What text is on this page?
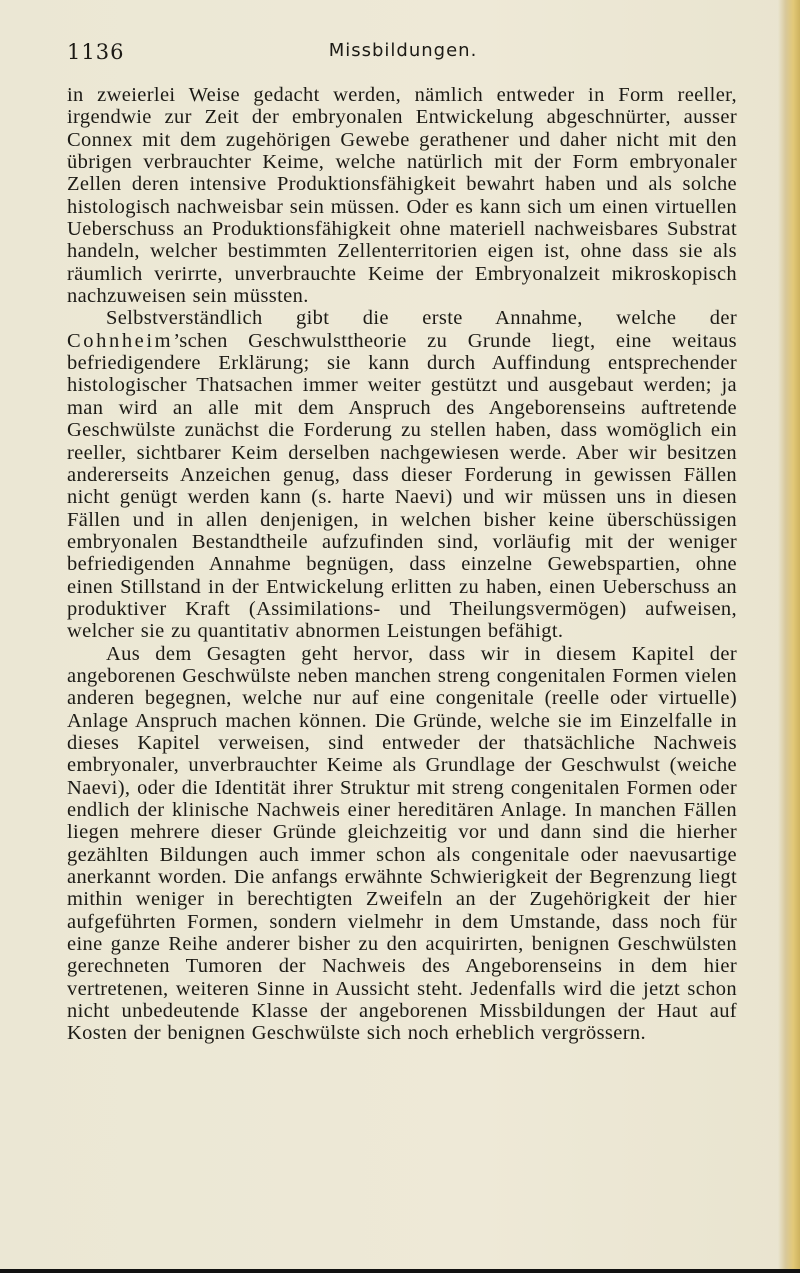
1136	Missbildungen.

in zweierlei Weise gedacht werden, nämlich entweder in Form reeller, irgendwie zur Zeit der embryonalen Entwickelung abgeschnürter, ausser Connex mit dem zugehörigen Gewebe gerathener und daher nicht mit den übrigen verbrauchter Keime, welche natürlich mit der Form embryonaler Zellen deren intensive Produktionsfähigkeit bewahrt haben und als solche histologisch nachweisbar sein müssen. Oder es kann sich um einen virtuellen Ueberschuss an Produktionsfähigkeit ohne materiell nachweisbares Substrat handeln, welcher bestimmten Zellenterritorien eigen ist, ohne dass sie als räumlich verirrte, unverbrauchte Keime der Embryonalzeit mikroskopisch nachzuweisen sein müssten.

Selbstverständlich gibt die erste Annahme, welche der Cohnheim’schen Geschwulsttheorie zu Grunde liegt, eine weitaus befriedigendere Erklärung; sie kann durch Auffindung entsprechender histologischer Thatsachen immer weiter gestützt und ausgebaut werden; ja man wird an alle mit dem Anspruch des Angeborenseins auftretende Geschwülste zunächst die Forderung zu stellen haben, dass womöglich ein reeller, sichtbarer Keim derselben nachgewiesen werde. Aber wir besitzen andererseits Anzeichen genug, dass dieser Forderung in gewissen Fällen nicht genügt werden kann (s. harte Naevi) und wir müssen uns in diesen Fällen und in allen denjenigen, in welchen bisher keine überschüssigen embryonalen Bestandtheile aufzufinden sind, vorläufig mit der weniger befriedigenden Annahme begnügen, dass einzelne Gewebspartien, ohne einen Stillstand in der Entwickelung erlitten zu haben, einen Ueberschuss an produktiver Kraft (Assimilations- und Theilungsvermögen) aufweisen, welcher sie zu quantitativ abnormen Leistungen befähigt.

Aus dem Gesagten geht hervor, dass wir in diesem Kapitel der angeborenen Geschwülste neben manchen streng congenitalen Formen vielen anderen begegnen, welche nur auf eine congenitale (reelle oder virtuelle) Anlage Anspruch machen können. Die Gründe, welche sie im Einzelfalle in dieses Kapitel verweisen, sind entweder der thatsächliche Nachweis embryonaler, unverbrauchter Keime als Grundlage der Geschwulst (weiche Naevi), oder die Identität ihrer Struktur mit streng congenitalen Formen oder endlich der klinische Nachweis einer hereditären Anlage. In manchen Fällen liegen mehrere dieser Gründe gleichzeitig vor und dann sind die hierher gezählten Bildungen auch immer schon als congenitale oder naevusartige anerkannt worden. Die anfangs erwähnte Schwierigkeit der Begrenzung liegt mithin weniger in berechtigten Zweifeln an der Zugehörigkeit der hier aufgeführten Formen, sondern vielmehr in dem Umstande, dass noch für eine ganze Reihe anderer bisher zu den acquirirten, benignen Geschwülsten gerechneten Tumoren der Nachweis des Angeborenseins in dem hier vertretenen, weiteren Sinne in Aussicht steht. Jedenfalls wird die jetzt schon nicht unbedeutende Klasse der angeborenen Missbildungen der Haut auf Kosten der benignen Geschwülste sich noch erheblich vergrössern.
